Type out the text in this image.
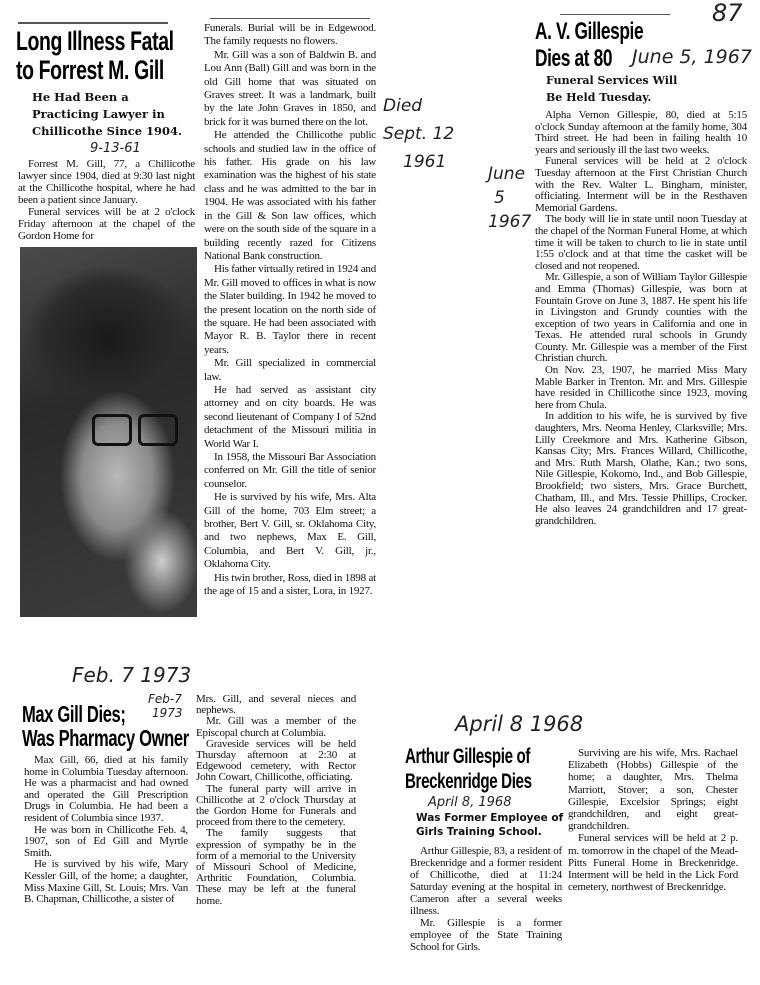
87
Long Illness Fatal
to Forrest M. Gill
He Had Been a
Practicing Lawyer in
Chillicothe Since 1904.
9-13-61

Forrest M. Gill, 77, a Chillicothe lawyer since 1904, died at 9:30 last night at the Chillicothe hospital, where he had been a patient since January.

Funeral services will be at 2 o'clock Friday afternoon at the chapel of the Gordon Home for

Funerals. Burial will be in Edgewood. The family requests no flowers.

Mr. Gill was a son of Baldwin B. and Lou Ann (Ball) Gill and was born in the old Gill home that was situated on Graves street. It was a landmark, built by the late John Graves in 1850, and brick for it was burned there on the lot.

He attended the Chillicothe public schools and studied law in the office of his father. His grade on his law examination was the highest of his state class and he was admitted to the bar in 1904. He was associated with his father in the Gill & Son law offices, which were on the south side of the square in a building recently razed for Citizens National Bank construction.

His father virtually retired in 1924 and Mr. Gill moved to offices in what is now the Slater building. In 1942 he moved to the present location on the north side of the square. He had been associated with Mayor R. B. Taylor there in recent years.

Mr. Gill specialized in commercial law.

He had served as assistant city attorney and on city boards. He was second lieutenant of Company I of 52nd detachment of the Missouri militia in World War I.

In 1958, the Missouri Bar Association conferred on Mr. Gill the title of senior counselor.

He is survived by his wife, Mrs. Alta Gill of the home, 703 Elm street; a brother, Bert V. Gill, sr. Oklahoma City, and two nephews, Max E. Gill, Columbia, and Bert V. Gill, jr., Oklahoma City.

His twin brother, Ross, died in 1898 at the age of 15 and a sister, Lora, in 1927.

Died
Sept. 12
1961
A. V. Gillespie
Dies at 80 June 5, 1967
June
5
1967
Funeral Services Will
Be Held Tuesday.

Alpha Vernon Gillespie, 80, died at 5:15 o'clock Sunday afternoon at the family home, 304 Third street. He had been in failing health 10 years and seriously ill the last two weeks.

Funeral services will be held at 2 o'clock Tuesday afternoon at the First Christian Church with the Rev. Walter L. Bingham, minister, officiating. Interment will be in the Resthaven Memorial Gardens.

The body will lie in state until noon Tuesday at the chapel of the Norman Funeral Home, at which time it will be taken to church to lie in state until 1:55 o'clock and at that time the casket will be closed and not reopened.

Mr. Gillespie, a son of William Taylor Gillespie and Emma (Thomas) Gillespie, was born at Fountain Grove on June 3, 1887. He spent his life in Livingston and Grundy counties with the exception of two years in California and one in Texas. He attended rural schools in Grundy County. Mr. Gillespie was a member of the First Christian church.

On Nov. 23, 1907, he married Miss Mary Mable Barker in Trenton. Mr. and Mrs. Gillespie have resided in Chillicothe since 1923, moving here from Chula.

In addition to his wife, he is survived by five daughters, Mrs. Neoma Henley, Clarksville; Mrs. Lilly Creekmore and Mrs. Katherine Gibson, Kansas City; Mrs. Frances Willard, Chillicothe, and Mrs. Ruth Marsh, Olathe, Kan.; two sons, Nile Gillespie, Kokomo, Ind., and Bob Gillespie, Brookfield; two sisters, Mrs. Grace Burchett, Chatham, Ill., and Mrs. Tessie Phillips, Crocker. He also leaves 24 grandchildren and 17 great-grandchildren.

Feb. 7 1973
Feb-7
1973
Max Gill Dies;
Was Pharmacy Owner

Max Gill, 66, died at his family home in Columbia Tuesday afternoon. He was a pharmacist and had owned and operated the Gill Prescription Drugs in Columbia. He had been a resident of Columbia since 1937.

He was born in Chillicothe Feb. 4, 1907, son of Ed Gill and Myrtle Smith.

He is survived by his wife, Mary Kessler Gill, of the home; a daughter, Miss Maxine Gill, St. Louis; Mrs. Van B. Chapman, Chillicothe, a sister of

Mrs. Gill, and several nieces and nephews.

Mr. Gill was a member of the Episcopal church at Columbia.

Graveside services will be held Thursday afternoon at 2:30 at Edgewood cemetery, with Rector John Cowart, Chillicothe, officiating.

The funeral party will arrive in Chillicothe at 2 o'clock Thursday at the Gordon Home for Funerals and proceed from there to the cemetery.

The family suggests that expression of sympathy be in the form of a memorial to the University of Missouri School of Medicine, Arthritic Foundation, Columbia. These may be left at the funeral home.

April 8 1968
Arthur Gillespie of
Breckenridge Dies
April 8, 1968
Was Former Employee of
Girls Training School.

Arthur Gillespie, 83, a resident of Breckenridge and a former resident of Chillicothe, died at 11:24 Saturday evening at the hospital in Cameron after a several weeks illness.

Mr. Gillespie is a former employee of the State Training School for Girls.

Surviving are his wife, Mrs. Rachael Elizabeth (Hobbs) Gillespie of the home; a daughter, Mrs. Thelma Marriott, Stover; a son, Chester Gillespie, Excelsior Springs; eight grandchildren, and eight great-grandchildren.

Funeral services will be held at 2 p. m. tomorrow in the chapel of the Mead-Pitts Funeral Home in Breckenridge. Interment will be held in the Lick Ford cemetery, northwest of Breckenridge.
